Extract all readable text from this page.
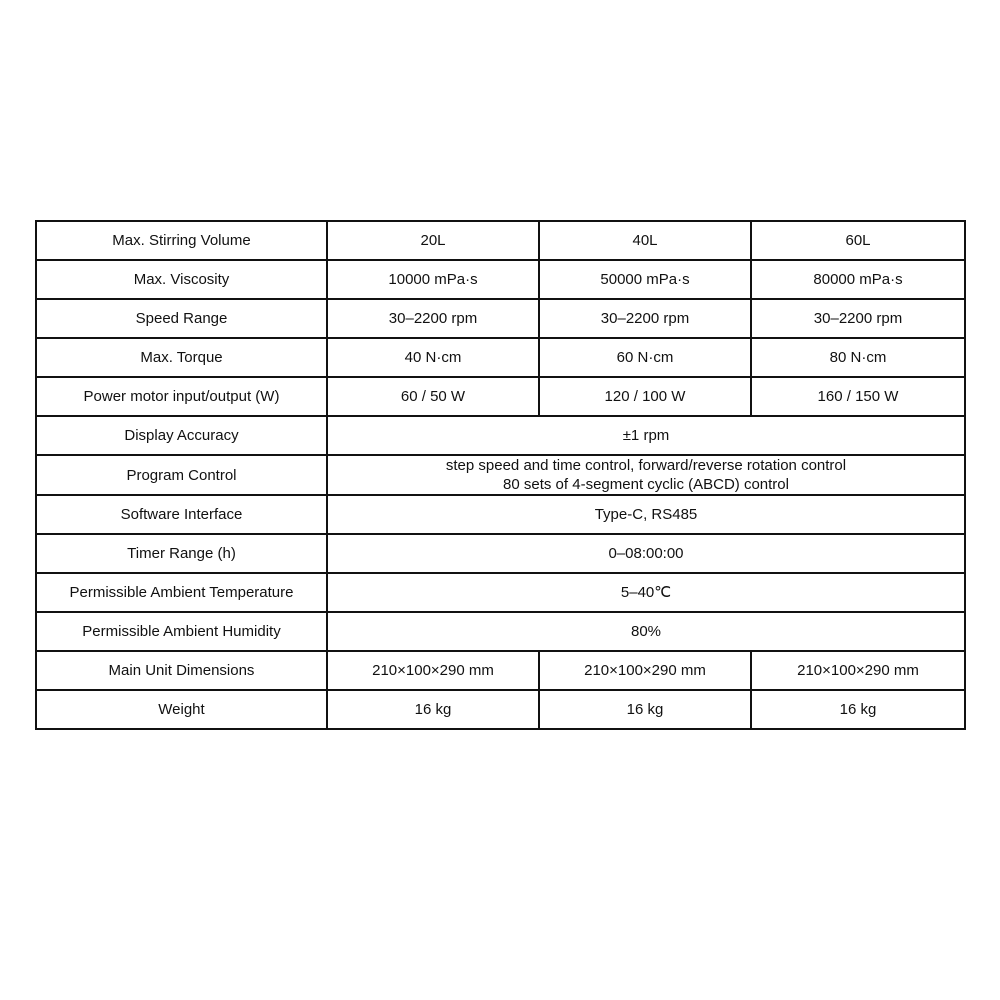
Max. Stirring Volume	20L	40L	60L
Max. Viscosity	10000 mPa·s	50000 mPa·s	80000 mPa·s
Speed Range	30–2200 rpm	30–2200 rpm	30–2200 rpm
Max. Torque	40 N·cm	60 N·cm	80 N·cm
Power motor input/output (W)	60 / 50 W	120 / 100 W	160 / 150 W
Display Accuracy	±1 rpm		
Program Control	step speed and time control, forward/reverse rotation control
80 sets of 4-segment cyclic (ABCD) control		

Software Interface	Type-C, RS485		
Timer Range (h)	0–08:00:00		
Permissible Ambient Temperature	5–40℃		
Permissible Ambient Humidity	80%		
Main Unit Dimensions	210×100×290 mm	210×100×290 mm	210×100×290 mm
Weight	16 kg	16 kg	16 kg
